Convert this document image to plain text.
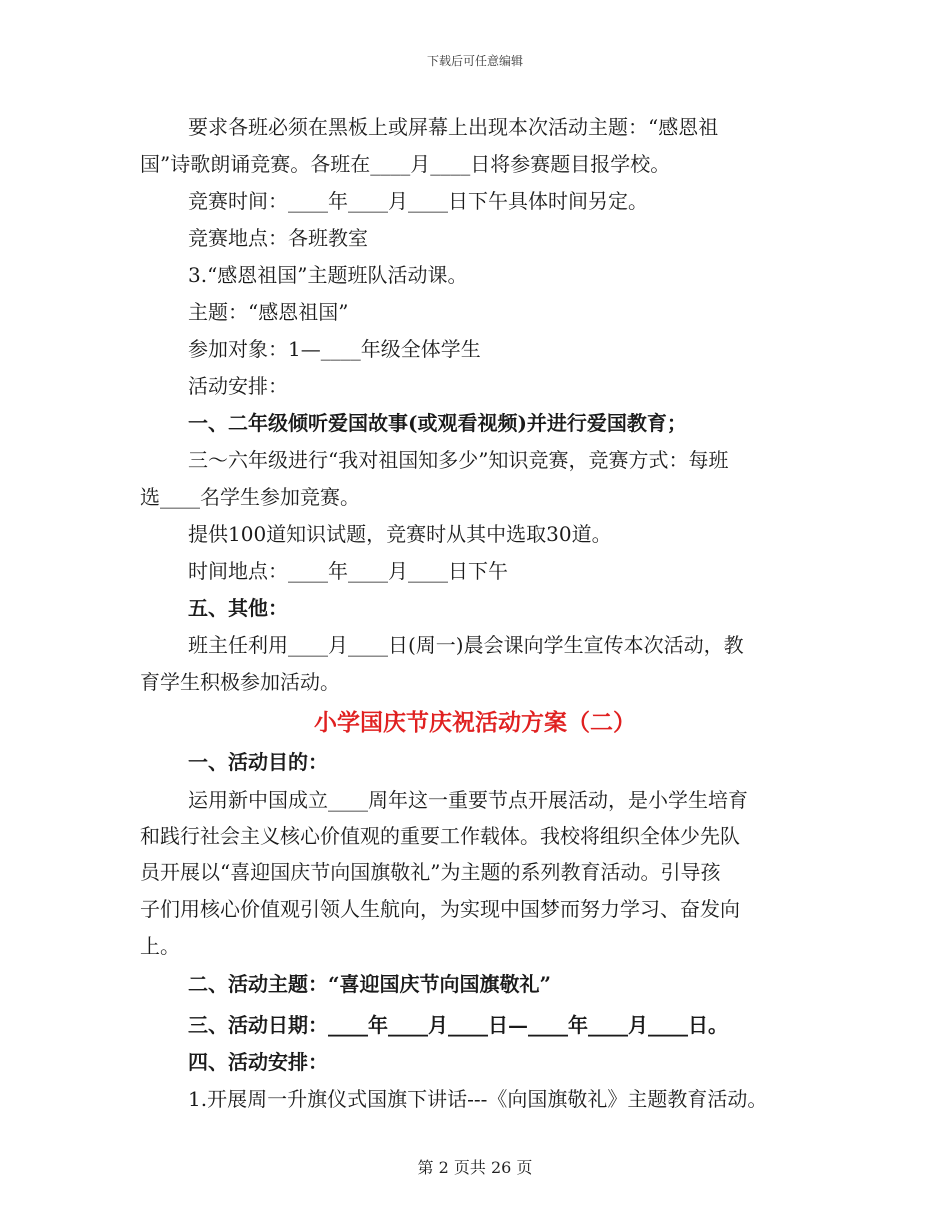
下载后可任意编辑
要求各班必须在黑板上或屏幕上出现本次活动主题：“感恩祖
国”诗歌朗诵竞赛。各班在____月____日将参赛题目报学校。
竞赛时间：____年____月____日下午具体时间另定。
竞赛地点：各班教室
3.“感恩祖国”主题班队活动课。
主题：“感恩祖国”
参加对象：1—____年级全体学生
活动安排：
一、二年级倾听爱国故事(或观看视频)并进行爱国教育；
三～六年级进行“我对祖国知多少”知识竞赛，竞赛方式：每班
选____名学生参加竞赛。
提供100道知识试题，竞赛时从其中选取30道。
时间地点：____年____月____日下午
五、其他：
班主任利用____月____日(周一)晨会课向学生宣传本次活动，教
育学生积极参加活动。
小学国庆节庆祝活动方案（二）
一、活动目的：
运用新中国成立____周年这一重要节点开展活动，是小学生培育
和践行社会主义核心价值观的重要工作载体。我校将组织全体少先队
员开展以“喜迎国庆节向国旗敬礼”为主题的系列教育活动。引导孩
子们用核心价值观引领人生航向，为实现中国梦而努力学习、奋发向
上。
二、活动主题：“喜迎国庆节向国旗敬礼”
三、活动日期：____年____月____日—____年____月____日。
四、活动安排：
1.开展周一升旗仪式国旗下讲话---《向国旗敬礼》主题教育活动。
第 2 页共 26 页
